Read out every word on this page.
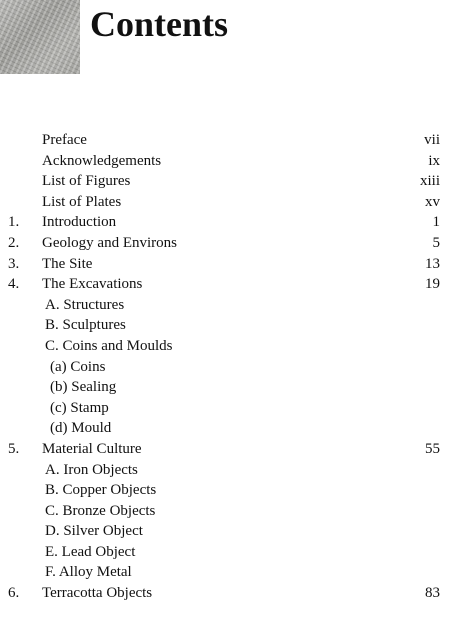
Contents
Preface	vii
Acknowledgements	ix
List of Figures	xiii
List of Plates	xv
1.	Introduction	1
2.	Geology and Environs	5
3.	The Site	13
4.	The Excavations	19
A. Structures
B. Sculptures
C. Coins and Moulds
(a) Coins
(b) Sealing
(c) Stamp
(d) Mould
5.	Material Culture	55
A. Iron Objects
B. Copper Objects
C. Bronze Objects
D. Silver Object
E. Lead Object
F. Alloy Metal
6.	Terracotta Objects	83
